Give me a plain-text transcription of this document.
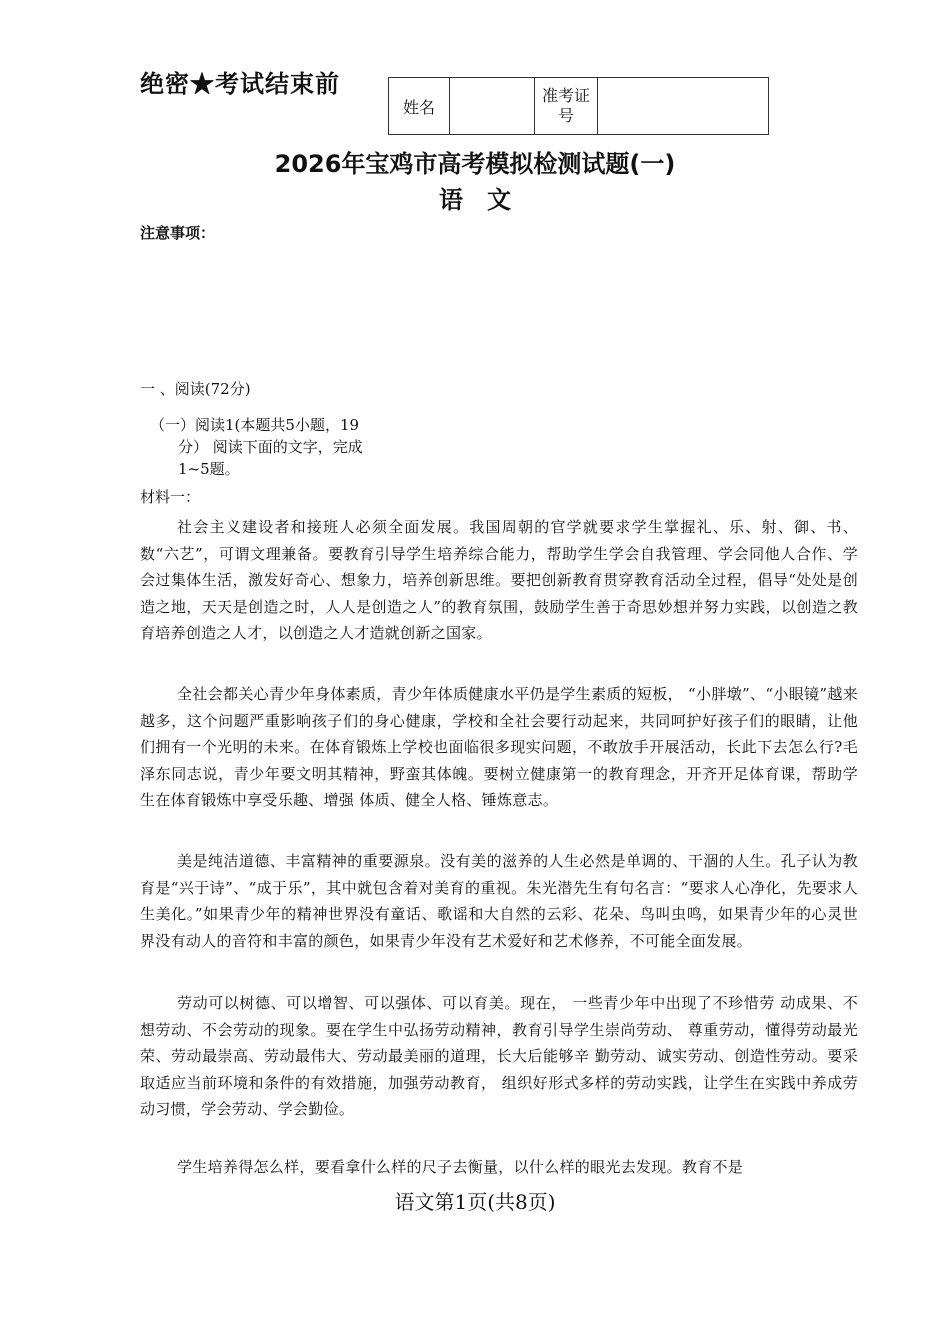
绝密★考试结束前
姓名		准考证号	
2026年宝鸡市高考模拟检测试题(一)
语文
注意事项：
一 、阅读(72分)
（一）阅读1(本题共5小题，19
分） 阅读下面的文字，完成
1~5题。
材料一：

社会主义建设者和接班人必须全面发展。我国周朝的官学就要求学生掌握礼、乐、射、御、书、数“六艺”，可谓文理兼备。要教育引导学生培养综合能力，帮助学生学会自我管理、学会同他人合作、学会过集体生活，激发好奇心、想象力，培养创新思维。要把创新教育贯穿教育活动全过程，倡导“处处是创造之地，天天是创造之时，人人是创造之人”的教育氛围，鼓励学生善于奇思妙想并努力实践，以创造之教育培养创造之人才，以创造之人才造就创新之国家。

全社会都关心青少年身体素质，青少年体质健康水平仍是学生素质的短板， “小胖墩”、“小眼镜”越来越多，这个问题严重影响孩子们的身心健康，学校和全社会要行动起来，共同呵护好孩子们的眼睛，让他们拥有一个光明的未来。在体育锻炼上学校也面临很多现实问题，不敢放手开展活动，长此下去怎么行?毛泽东同志说，青少年要文明其精神，野蛮其体魄。要树立健康第一的教育理念，开齐开足体育课，帮助学生在体育锻炼中享受乐趣、增强 体质、健全人格、锤炼意志。

美是纯洁道德、丰富精神的重要源泉。没有美的滋养的人生必然是单调的、干涸的人生。孔子认为教育是“兴于诗”、“成于乐”，其中就包含着对美育的重视。朱光潜先生有句名言：“要求人心净化，先要求人生美化。”如果青少年的精神世界没有童话、歌谣和大自然的云彩、花朵、鸟叫虫鸣，如果青少年的心灵世界没有动人的音符和丰富的颜色，如果青少年没有艺术爱好和艺术修养，不可能全面发展。

劳动可以树德、可以增智、可以强体、可以育美。现在， 一些青少年中出现了不珍惜劳 动成果、不想劳动、不会劳动的现象。要在学生中弘扬劳动精神，教育引导学生崇尚劳动、 尊重劳动，懂得劳动最光荣、劳动最崇高、劳动最伟大、劳动最美丽的道理，长大后能够辛 勤劳动、诚实劳动、创造性劳动。要采取适应当前环境和条件的有效措施，加强劳动教育， 组织好形式多样的劳动实践，让学生在实践中养成劳动习惯，学会劳动、学会勤俭。

学生培养得怎么样，要看拿什么样的尺子去衡量，以什么样的眼光去发现。教育不是

语文第1页(共8页)
